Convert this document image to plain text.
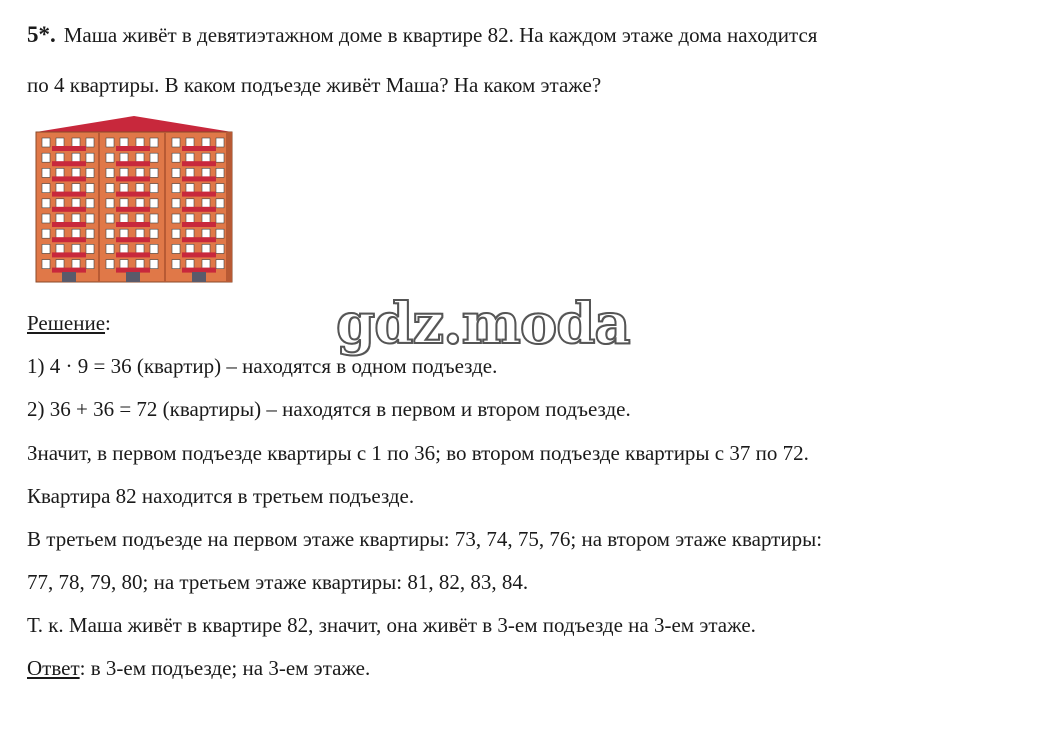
5*. Маша живёт в девятиэтажном доме в квартире 82. На каждом этаже дома находится
по 4 квартиры. В каком подъезде живёт Маша? На каком этаже?
gdz.moda
Решение:
1) 4 · 9 = 36 (квартир) – находятся в одном подъезде.
2) 36 + 36 = 72 (квартиры) – находятся в первом и втором подъезде.
Значит, в первом подъезде квартиры с 1 по 36; во втором подъезде квартиры с 37 по 72.
Квартира 82 находится в третьем подъезде.
В третьем подъезде на первом этаже квартиры: 73, 74, 75, 76; на втором этаже квартиры:
77, 78, 79, 80; на третьем этаже квартиры: 81, 82, 83, 84.
Т. к. Маша живёт в квартире 82, значит, она живёт в 3-ем подъезде на 3-ем этаже.
Ответ: в 3-ем подъезде; на 3-ем этаже.
